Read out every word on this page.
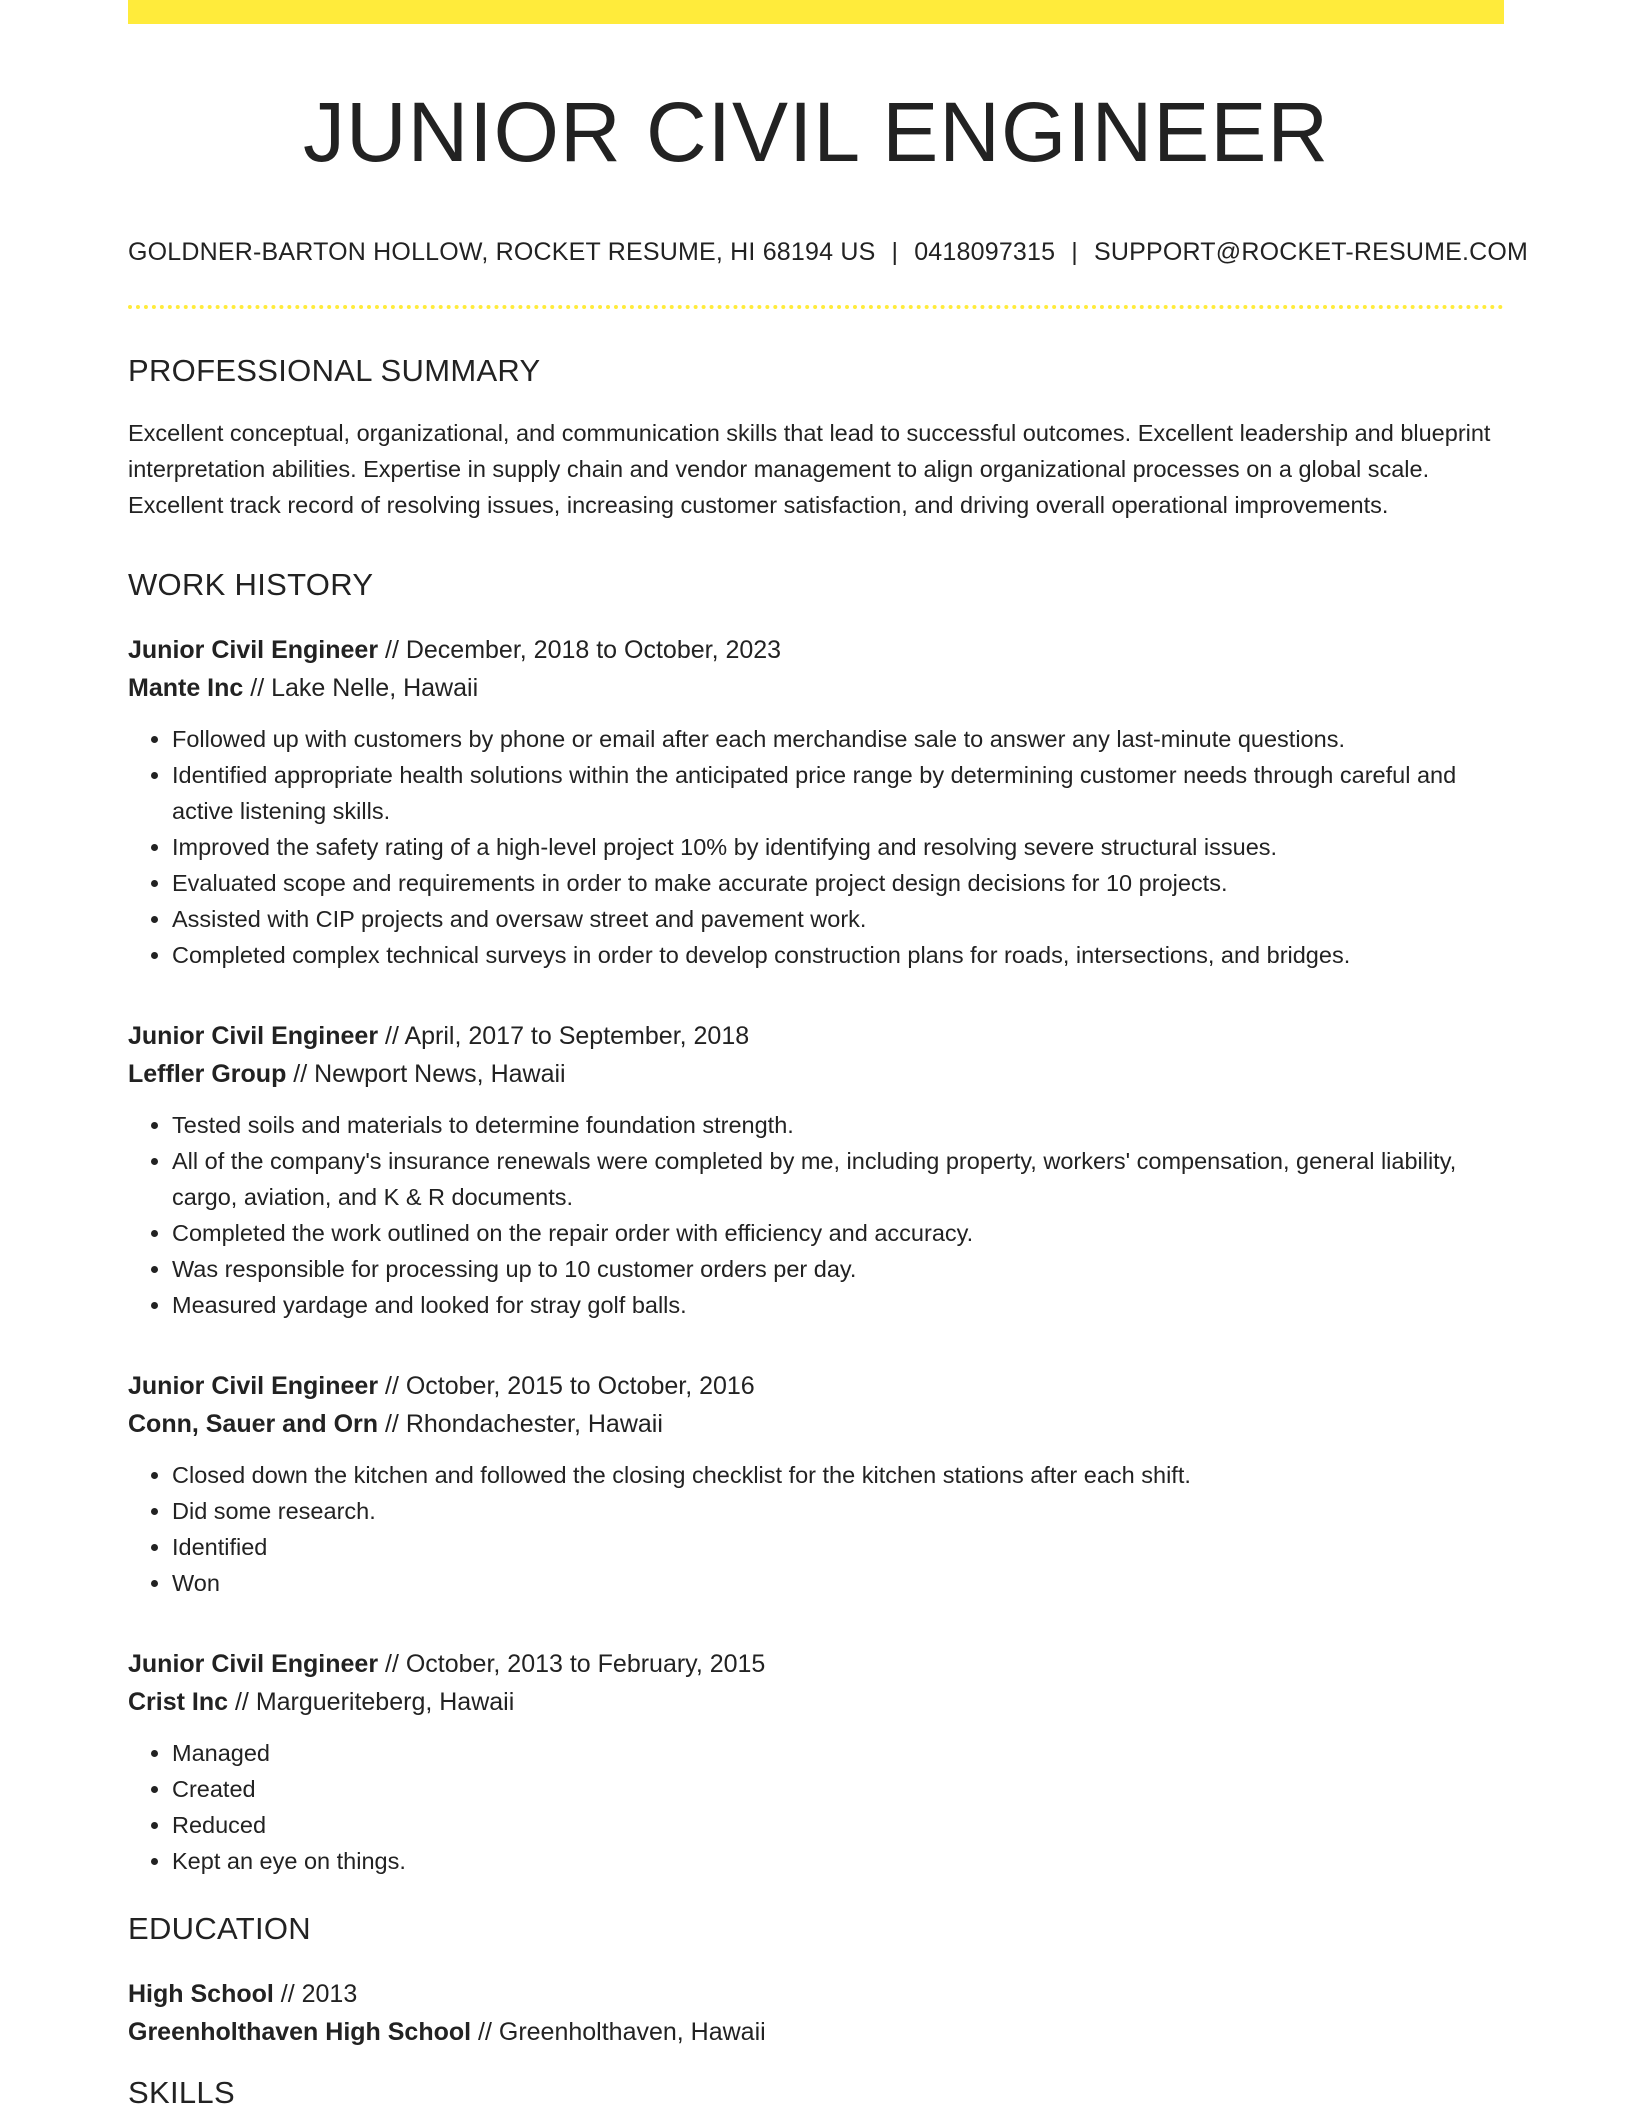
JUNIOR CIVIL ENGINEER
GOLDNER-BARTON HOLLOW, ROCKET RESUME, HI 68194 US | 0418097315 | SUPPORT@ROCKET-RESUME.COM
PROFESSIONAL SUMMARY

Excellent conceptual, organizational, and communication skills that lead to successful outcomes. Excellent leadership and blueprint interpretation abilities. Expertise in supply chain and vendor management to align organizational processes on a global scale. Excellent track record of resolving issues, increasing customer satisfaction, and driving overall operational improvements.

WORK HISTORY
Junior Civil Engineer // December, 2018 to October, 2023
Mante Inc // Lake Nelle, Hawaii
• Followed up with customers by phone or email after each merchandise sale to answer any last-minute questions.
• Identified appropriate health solutions within the anticipated price range by determining customer needs through careful and active listening skills.
• Improved the safety rating of a high-level project 10% by identifying and resolving severe structural issues.
• Evaluated scope and requirements in order to make accurate project design decisions for 10 projects.
• Assisted with CIP projects and oversaw street and pavement work.
• Completed complex technical surveys in order to develop construction plans for roads, intersections, and bridges.
Junior Civil Engineer // April, 2017 to September, 2018
Leffler Group // Newport News, Hawaii
• Tested soils and materials to determine foundation strength.
• All of the company's insurance renewals were completed by me, including property, workers' compensation, general liability, cargo, aviation, and K & R documents.
• Completed the work outlined on the repair order with efficiency and accuracy.
• Was responsible for processing up to 10 customer orders per day.
• Measured yardage and looked for stray golf balls.
Junior Civil Engineer // October, 2015 to October, 2016
Conn, Sauer and Orn // Rhondachester, Hawaii
• Closed down the kitchen and followed the closing checklist for the kitchen stations after each shift.
• Did some research.
• Identified
• Won
Junior Civil Engineer // October, 2013 to February, 2015
Crist Inc // Margueriteberg, Hawaii
• Managed
• Created
• Reduced
• Kept an eye on things.
EDUCATION
High School // 2013
Greenholthaven High School // Greenholthaven, Hawaii
SKILLS
